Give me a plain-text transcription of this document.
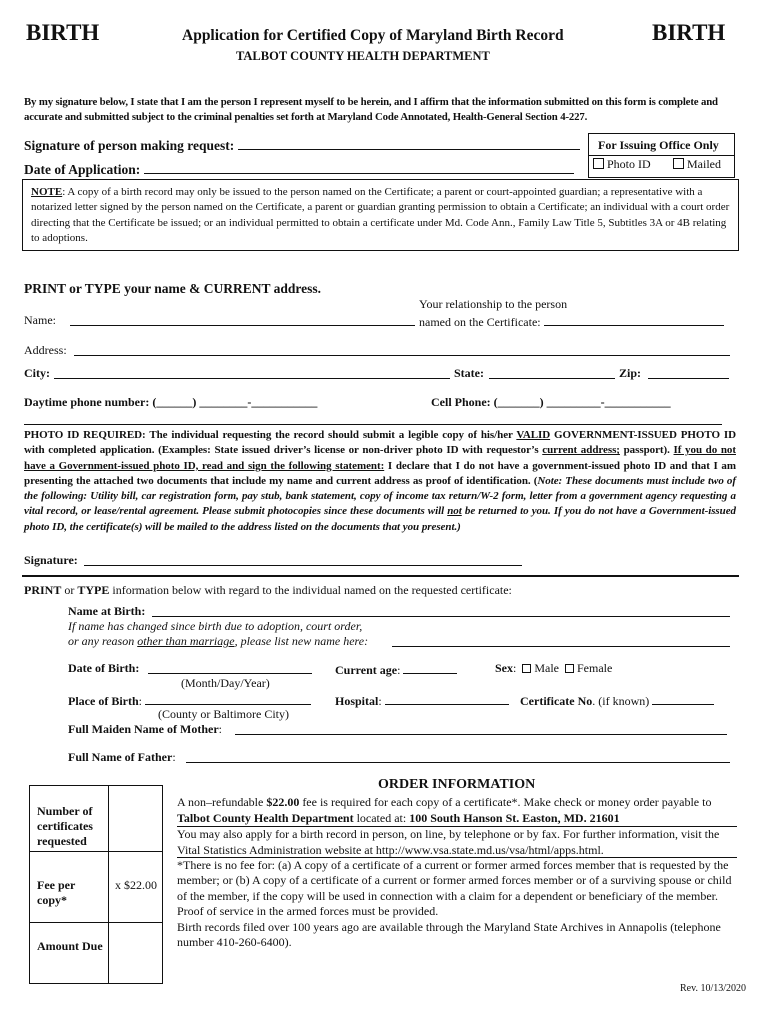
BIRTH	BIRTH
Application for Certified Copy of Maryland Birth Record
TALBOT COUNTY HEALTH DEPARTMENT
By my signature below, I state that I am the person I represent myself to be herein, and I affirm that the information submitted on this form is complete and accurate and submitted subject to the criminal penalties set forth at Maryland Code Annotated, Health-General Section 4-227.
Signature of person making request:
Date of Application:
For Issuing Office Only
Photo ID	Mailed
NOTE: A copy of a birth record may only be issued to the person named on the Certificate; a parent or court-appointed guardian; a representative with a notarized letter signed by the person named on the Certificate, a parent or guardian granting permission to obtain a Certificate; an individual with a court order directing that the Certificate be issued; or an individual permitted to obtain a certificate under Md. Code Ann., Family Law Title 5, Subtitles 3A or 4B relating to adoptions.
PRINT or TYPE your name & CURRENT address.
Your relationship to the person
named on the Certificate:
Name:
Address:
City:	State:	Zip:
Daytime phone number: (______) ________-___________	Cell Phone: (_______) _________-___________
PHOTO ID REQUIRED: The individual requesting the record should submit a legible copy of his/her VALID GOVERNMENT-ISSUED PHOTO ID with completed application. (Examples: State issued driver’s license or non-driver photo ID with requestor’s current address; passport). If you do not have a Government-issued photo ID, read and sign the following statement: I declare that I do not have a government-issued photo ID and that I am presenting the attached two documents that include my name and current address as proof of identification. (Note: These documents must include two of the following: Utility bill, car registration form, pay stub, bank statement, copy of income tax return/W-2 form, letter from a government agency requesting a vital record, or lease/rental agreement. Please submit photocopies since these documents will not be returned to you. If you do not have a Government-issued photo ID, the certificate(s) will be mailed to the address listed on the documents that you present.)
Signature:
PRINT or TYPE information below with regard to the individual named on the requested certificate:
Name at Birth:
If name has changed since birth due to adoption, court order,
or any reason other than marriage, please list new name here:
Date of Birth:
(Month/Day/Year)
Current age:	Sex:  Male Female
Place of Birth:
(County or Baltimore City)
Hospital:	Certificate No. (if known)
Full Maiden Name of Mother:
Full Name of Father:
ORDER INFORMATION
Number of certificates requested
Fee per copy*
x $22.00
Amount Due
A non–refundable $22.00 fee is required for each copy of a certificate*. Make check or money order payable to Talbot County Health Department located at: 100 South Hanson St. Easton, MD. 21601
You may also apply for a birth record in person, on line, by telephone or by fax. For further information, visit the Vital Statistics Administration website at http://www.vsa.state.md.us/vsa/html/apps.html.
*There is no fee for: (a) A copy of a certificate of a current or former armed forces member that is requested by the member; or (b) A copy of a certificate of a current or former armed forces member or of a surviving spouse or child of the member, if the copy will be used in connection with a claim for a dependent or beneficiary of the member. Proof of service in the armed forces must be provided.
Birth records filed over 100 years ago are available through the Maryland State Archives in Annapolis (telephone number 410-260-6400).
Rev. 10/13/2020
